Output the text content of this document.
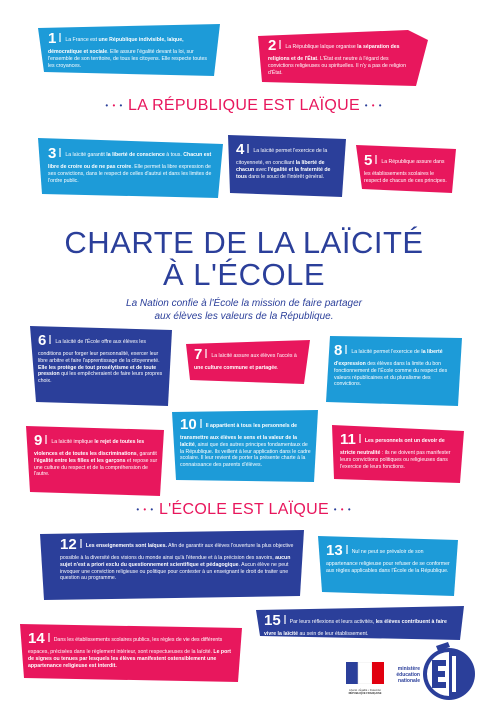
1 La France est une République indivisible, laïque, démocratique et sociale. Elle assure l'égalité devant la loi, sur l'ensemble de son territoire, de tous les citoyens. Elle respecte toutes les croyances.
2 La République laïque organise la séparation des religions et de l'État. L'État est neutre à l'égard des convictions religieuses ou spirituelles. Il n'y a pas de religion d'État.
• • • LA RÉPUBLIQUE EST LAÏQUE • • •
3 La laïcité garantit la liberté de conscience à tous. Chacun est libre de croire ou de ne pas croire. Elle permet la libre expression de ses convictions, dans le respect de celles d'autrui et dans les limites de l'ordre public.
4 La laïcité permet l'exercice de la citoyenneté, en conciliant la liberté de chacun avec l'égalité et la fraternité de tous dans le souci de l'intérêt général.
5 La République assure dans les établissements scolaires le respect de chacun de ces principes.
CHARTE DE LA LAÏCITÉ
À L'ÉCOLE
La Nation confie à l'École la mission de faire partager
aux élèves les valeurs de la République.
6 La laïcité de l'École offre aux élèves les conditions pour forger leur personnalité, exercer leur libre arbitre et faire l'apprentissage de la citoyenneté. Elle les protège de tout prosélytisme et de toute pression qui les empêcheraient de faire leurs propres choix.
7 La laïcité assure aux élèves l'accès à une culture commune et partagée.
8 La laïcité permet l'exercice de la liberté d'expression des élèves dans la limite du bon fonctionnement de l'École comme du respect des valeurs républicaines et du pluralisme des convictions.
9 La laïcité implique le rejet de toutes les violences et de toutes les discriminations, garantit l'égalité entre les filles et les garçons et repose sur une culture du respect et de la compréhension de l'autre.
10 Il appartient à tous les personnels de transmettre aux élèves le sens et la valeur de la laïcité, ainsi que des autres principes fondamentaux de la République. Ils veillent à leur application dans le cadre scolaire. Il leur revient de porter la présente charte à la connaissance des parents d'élèves.
11 Les personnels ont un devoir de stricte neutralité : ils ne doivent pas manifester leurs convictions politiques ou religieuses dans l'exercice de leurs fonctions.
• • • L'ÉCOLE EST LAÏQUE • • •
12 Les enseignements sont laïques. Afin de garantir aux élèves l'ouverture la plus objective possible à la diversité des visions du monde ainsi qu'à l'étendue et à la précision des savoirs, aucun sujet n'est a priori exclu du questionnement scientifique et pédagogique. Aucun élève ne peut invoquer une conviction religieuse ou politique pour contester à un enseignant le droit de traiter une question au programme.
13 Nul ne peut se prévaloir de son appartenance religieuse pour refuser de se conformer aux règles applicables dans l'École de la République.
15 Par leurs réflexions et leurs activités, les élèves contribuent à faire vivre la laïcité au sein de leur établissement.
14 Dans les établissements scolaires publics, les règles de vie des différents espaces, précisées dans le règlement intérieur, sont respectueuses de la laïcité. Le port de signes ou tenues par lesquels les élèves manifestent ostensiblement une appartenance religieuse est interdit.
Liberté • Égalité • Fraternité
RÉPUBLIQUE FRANÇAISE
ministère
éducation
nationale
